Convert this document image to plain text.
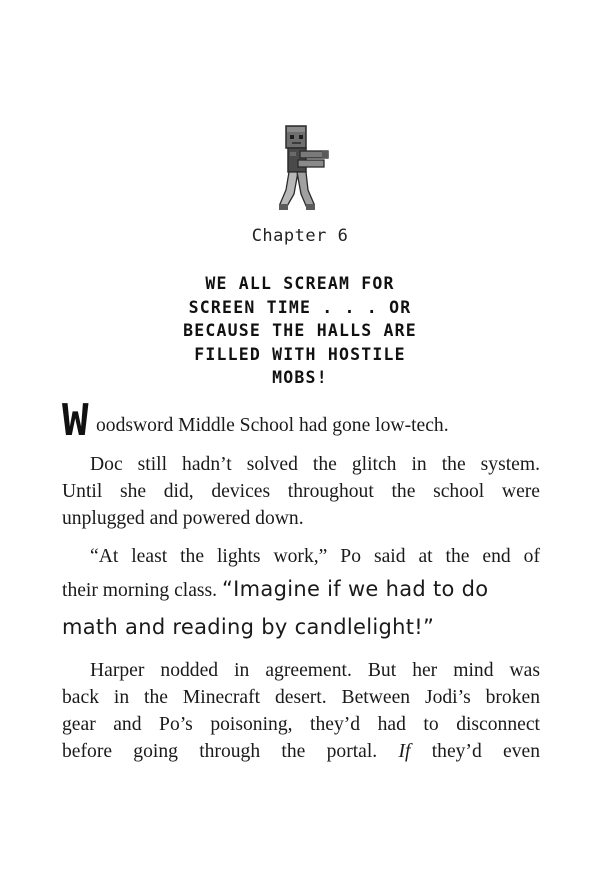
Chapter 6
WE ALL SCREAM FOR
SCREEN TIME . . . OR
BECAUSE THE HALLS ARE
FILLED WITH HOSTILE
MOBS!
W oodsword Middle School had gone low-tech.
Doc still hadn’t solved the glitch in the system.
Until she did, devices throughout the school were
unplugged and powered down.
“At least the lights work,” Po said at the end of
their morning class. “Imagine if we had to do
math and reading by candlelight!”
Harper nodded in agreement. But her mind was
back in the Minecraft desert. Between Jodi’s broken
gear and Po’s poisoning, they’d had to disconnect
before going through the portal. If they’d even
